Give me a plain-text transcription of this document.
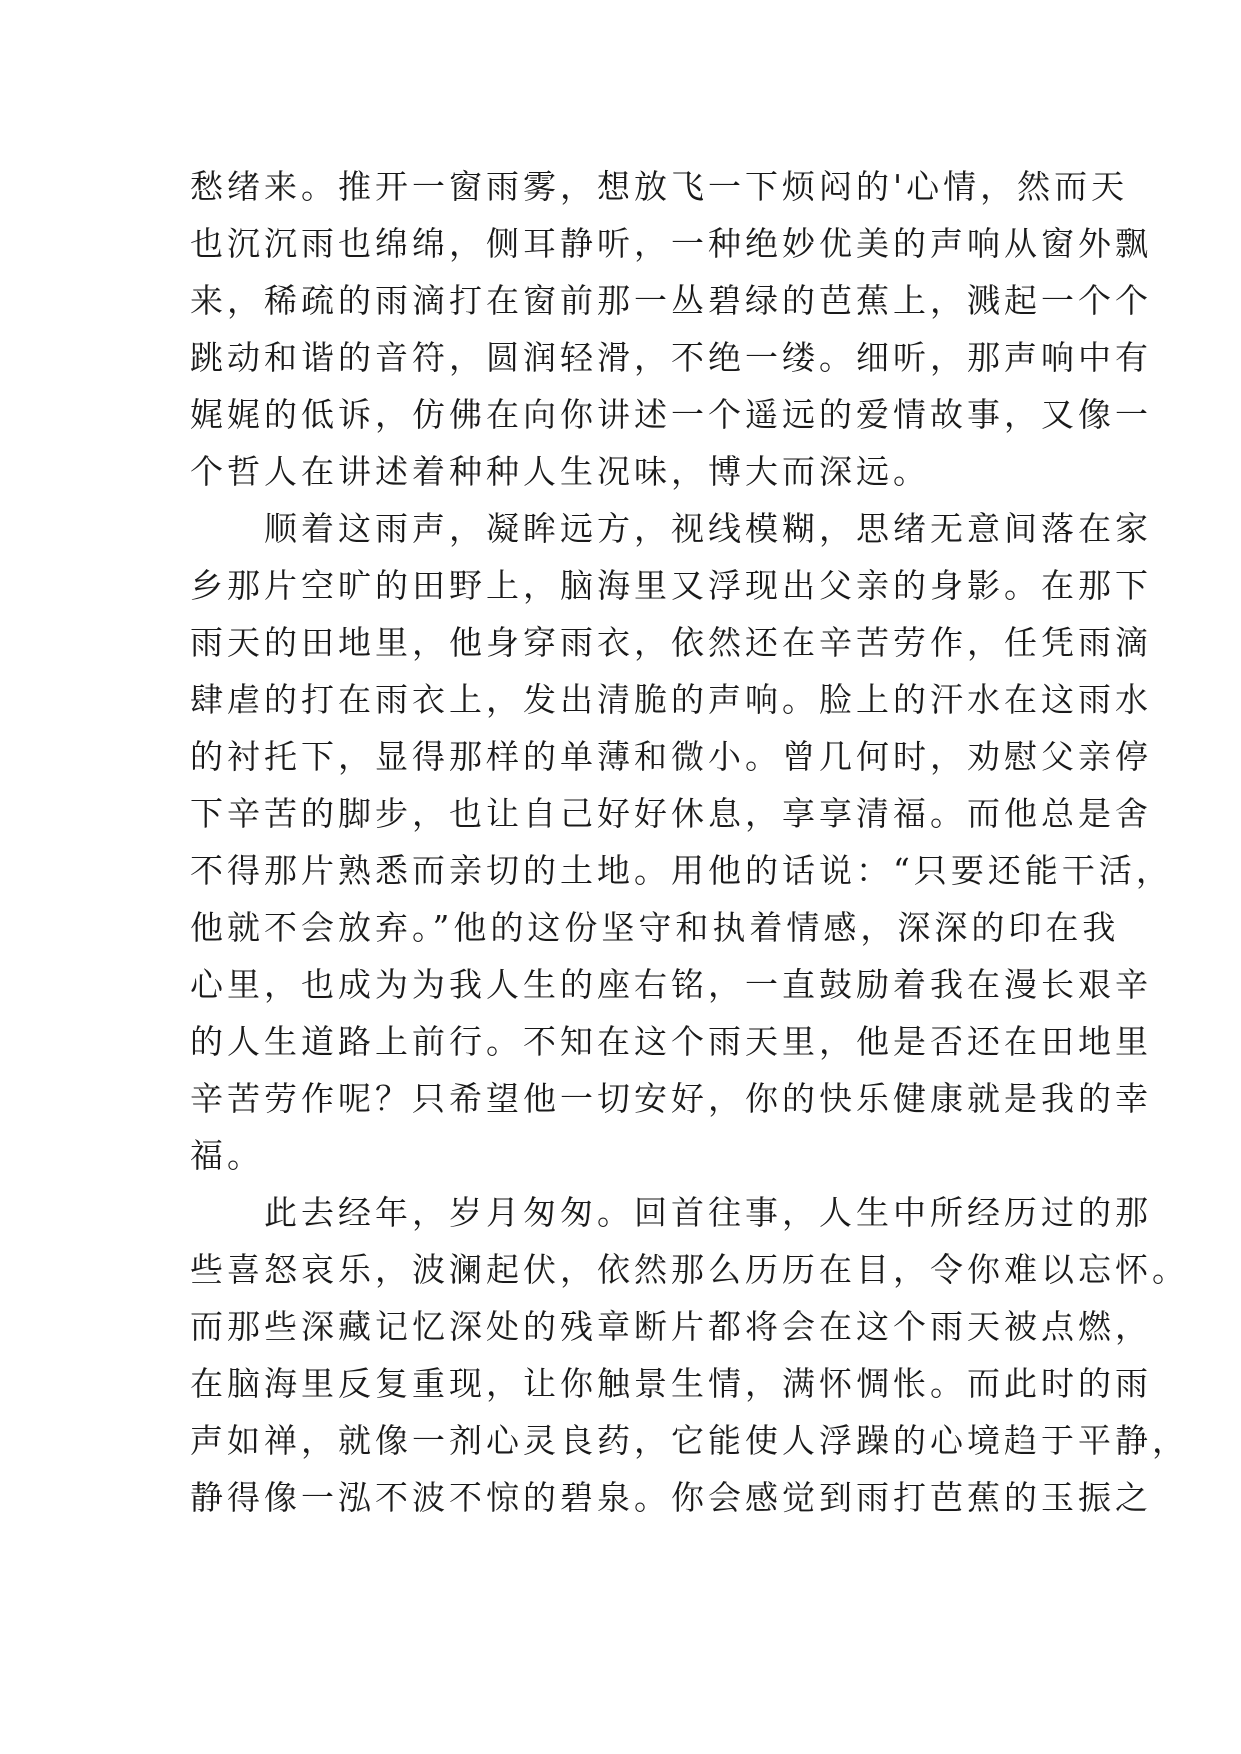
愁绪来。推开一窗雨雾，想放飞一下烦闷的'心情，然而天
也沉沉雨也绵绵，侧耳静听，一种绝妙优美的声响从窗外飘
来，稀疏的雨滴打在窗前那一丛碧绿的芭蕉上，溅起一个个
跳动和谐的音符，圆润轻滑，不绝一缕。细听，那声响中有
娓娓的低诉，仿佛在向你讲述一个遥远的爱情故事，又像一
个哲人在讲述着种种人生况味，博大而深远。
　　顺着这雨声，凝眸远方，视线模糊，思绪无意间落在家
乡那片空旷的田野上，脑海里又浮现出父亲的身影。在那下
雨天的田地里，他身穿雨衣，依然还在辛苦劳作，任凭雨滴
肆虐的打在雨衣上，发出清脆的声响。脸上的汗水在这雨水
的衬托下，显得那样的单薄和微小。曾几何时，劝慰父亲停
下辛苦的脚步，也让自己好好休息，享享清福。而他总是舍
不得那片熟悉而亲切的土地。用他的话说：“只要还能干活，
他就不会放弃。”他的这份坚守和执着情感，深深的印在我
心里，也成为为我人生的座右铭，一直鼓励着我在漫长艰辛
的人生道路上前行。不知在这个雨天里，他是否还在田地里
辛苦劳作呢？只希望他一切安好，你的快乐健康就是我的幸
福。
　　此去经年，岁月匆匆。回首往事，人生中所经历过的那
些喜怒哀乐，波澜起伏，依然那么历历在目，令你难以忘怀。
而那些深藏记忆深处的残章断片都将会在这个雨天被点燃，
在脑海里反复重现，让你触景生情，满怀惆怅。而此时的雨
声如禅，就像一剂心灵良药，它能使人浮躁的心境趋于平静，
静得像一泓不波不惊的碧泉。你会感觉到雨打芭蕉的玉振之
